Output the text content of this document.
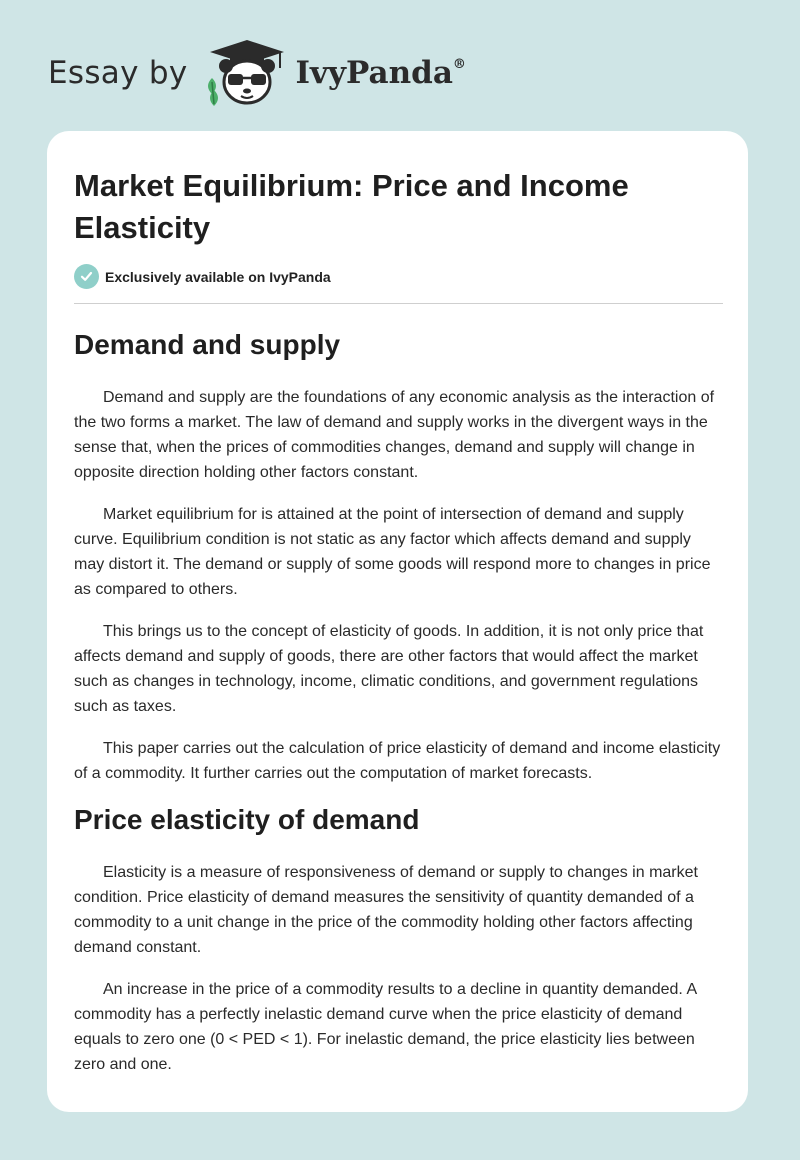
Essay by	IvyPanda®
Market Equilibrium: Price and Income Elasticity
Exclusively available on IvyPanda
Demand and supply

Demand and supply are the foundations of any economic analysis as the interaction of the two forms a market. The law of demand and supply works in the divergent ways in the sense that, when the prices of commodities changes, demand and supply will change in opposite direction holding other factors constant.

Market equilibrium for is attained at the point of intersection of demand and supply curve. Equilibrium condition is not static as any factor which affects demand and supply may distort it. The demand or supply of some goods will respond more to changes in price as compared to others.

This brings us to the concept of elasticity of goods. In addition, it is not only price that affects demand and supply of goods, there are other factors that would affect the market such as changes in technology, income, climatic conditions, and government regulations such as taxes.

This paper carries out the calculation of price elasticity of demand and income elasticity of a commodity. It further carries out the computation of market forecasts.

Price elasticity of demand

Elasticity is a measure of responsiveness of demand or supply to changes in market condition. Price elasticity of demand measures the sensitivity of quantity demanded of a commodity to a unit change in the price of the commodity holding other factors affecting demand constant.

An increase in the price of a commodity results to a decline in quantity demanded. A commodity has a perfectly inelastic demand curve when the price elasticity of demand equals to zero one (0 < PED < 1). For inelastic demand, the price elasticity lies between zero and one.
